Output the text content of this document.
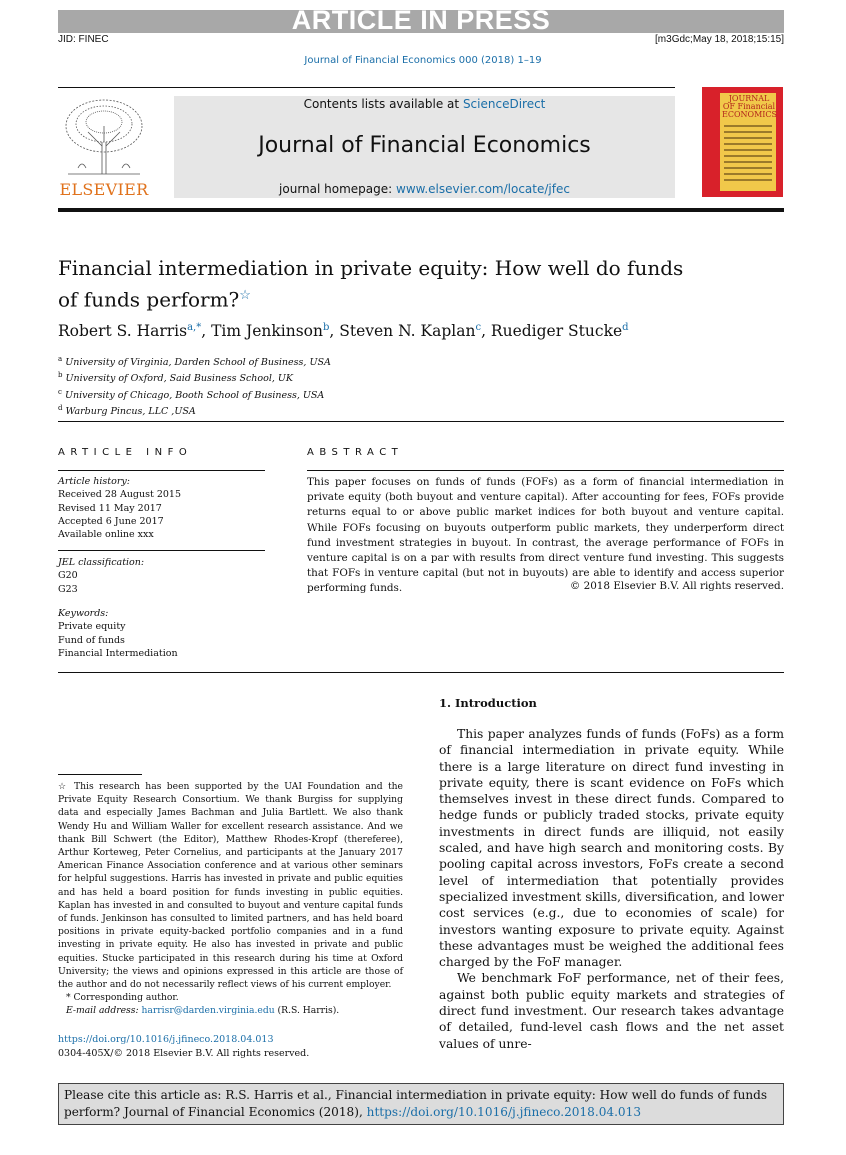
ARTICLE IN PRESS
JID: FINEC	[m3Gdc;May 18, 2018;15:15]
Journal of Financial Economics 000 (2018) 1–19
ELSEVIER
Contents lists available at ScienceDirect
Journal of Financial Economics
journal homepage: www.elsevier.com/locate/jfec
JOURNAL OF Financial ECONOMICS
Financial intermediation in private equity: How well do funds
of funds perform?☆
Robert S. Harris$^{a,*}$, Tim Jenkinson$^b$, Steven N. Kaplan$^c$, Ruediger Stucke$^d$
$^a$ University of Virginia, Darden School of Business, USA
$^b$ University of Oxford, Said Business School, UK
$^c$ University of Chicago, Booth School of Business, USA
$^d$ Warburg Pincus, LLC ,USA
ARTICLE INFO	ABSTRACT
Article history:
Received 28 August 2015
Revised 11 May 2017
Accepted 6 June 2017
Available online xxx
JEL classification:
G20
G23
Keywords:
Private equity
Fund of funds
Financial Intermediation
This paper focuses on funds of funds (FOFs) as a form of financial intermediation in private equity (both buyout and venture capital). After accounting for fees, FOFs provide returns equal to or above public market indices for both buyout and venture capital. While FOFs focusing on buyouts outperform public markets, they underperform direct fund investment strategies in buyout. In contrast, the average performance of FOFs in venture capital is on a par with results from direct venture fund investing. This suggests that FOFs in venture capital (but not in buyouts) are able to identify and access superior performing funds.	© 2018 Elsevier B.V. All rights reserved.
☆ This research has been supported by the UAI Foundation and the Private Equity Research Consortium. We thank Burgiss for supplying data and especially James Bachman and Julia Bartlett. We also thank Wendy Hu and William Waller for excellent research assistance. And we thank Bill Schwert (the Editor), Matthew Rhodes-Kropf (thereferee), Arthur Korteweg, Peter Cornelius, and participants at the January 2017 American Finance Association conference and at various other seminars for helpful suggestions. Harris has invested in private and public equities and has held a board position for funds investing in public equities. Kaplan has invested in and consulted to buyout and venture capital funds of funds. Jenkinson has consulted to limited partners, and has held board positions in private equity-backed portfolio companies and in a fund investing in private equity. He also has invested in private and public equities. Stucke participated in this research during his time at Oxford University; the views and opinions expressed in this article are those of the author and do not necessarily reflect views of his current employer.
* Corresponding author.
E-mail address: harrisr@darden.virginia.edu (R.S. Harris).
https://doi.org/10.1016/j.jfineco.2018.04.013
0304-405X/© 2018 Elsevier B.V. All rights reserved.
1. Introduction

This paper analyzes funds of funds (FoFs) as a form of financial intermediation in private equity. While there is a large literature on direct fund investing in private equity, there is scant evidence on FoFs which themselves invest in these direct funds. Compared to hedge funds or publicly traded stocks, private equity investments in direct funds are illiquid, not easily scaled, and have high search and monitoring costs. By pooling capital across investors, FoFs create a second level of intermediation that potentially provides specialized investment skills, diversification, and lower cost services (e.g., due to economies of scale) for investors wanting exposure to private equity. Against these advantages must be weighed the additional fees charged by the FoF manager.

We benchmark FoF performance, net of their fees, against both public equity markets and strategies of direct fund investment. Our research takes advantage of detailed, fund-level cash flows and the net asset values of unre-

Please cite this article as: R.S. Harris et al., Financial intermediation in private equity: How well do funds of funds perform? Journal of Financial Economics (2018), https://doi.org/10.1016/j.jfineco.2018.04.013
